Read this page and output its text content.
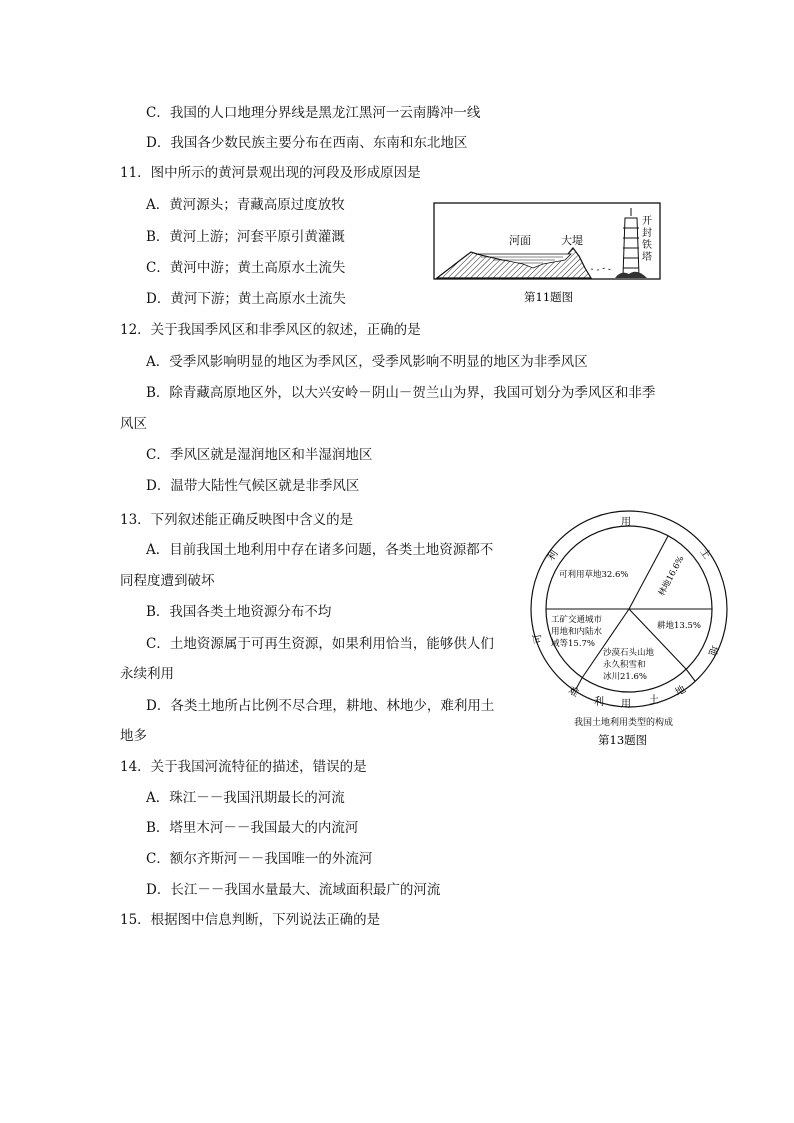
C．我国的人口地理分界线是黑龙江黑河一云南腾冲一线
D．我国各少数民族主要分布在西南、东南和东北地区
11．图中所示的黄河景观出现的河段及形成原因是
A．黄河源头；青藏高原过度放牧
B．黄河上游；河套平原引黄灌溉
C．黄河中游；黄土高原水土流失
D．黄河下游；黄土高原水土流失
12．关于我国季风区和非季风区的叙述，正确的是
A．受季风影响明显的地区为季风区，受季风影响不明显的地区为非季风区
B．除青藏高原地区外，以大兴安岭－阴山－贺兰山为界，我国可划分为季风区和非季
风区
C．季风区就是湿润地区和半湿润地区
D．温带大陆性气候区就是非季风区
13．下列叙述能正确反映图中含义的是
A．目前我国土地利用中存在诸多问题，各类土地资源都不
同程度遭到破坏
B．我国各类土地资源分布不均
C．土地资源属于可再生资源，如果利用恰当，能够供人们
永续利用
D．各类土地所占比例不尽合理，耕地、林地少，难利用土
地多
14．关于我国河流特征的描述，错误的是
A．珠江－－我国汛期最长的河流
B．塔里木河－－我国最大的内流河
C．额尔齐斯河－－我国唯一的外流河
D．长江－－我国水量最大、流域面积最广的河流
15．根据图中信息判断，下列说法正确的是
河面	大堤
开
封
铁
塔
第11题图
用
利
可
土
地
难
利 用 土
地
可利用草地32.6%	林地16.6%
工矿交通城市
用地和内陆水
域等15.7%
耕地13.5%
沙漠石头山地
永久积雪和
冰川21.6%
我国土地利用类型的构成
第13题图
